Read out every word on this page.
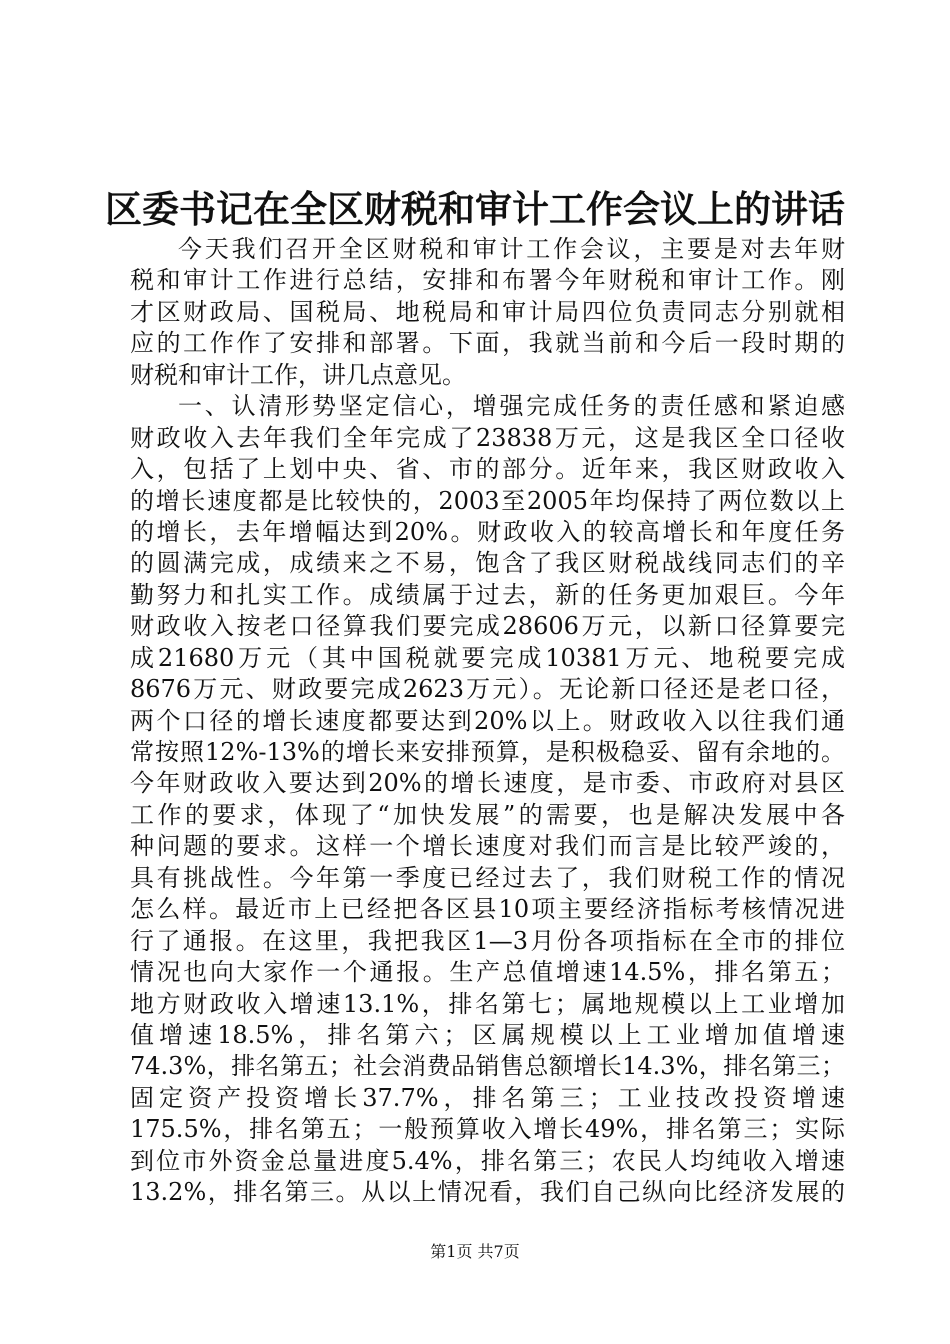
区委书记在全区财税和审计工作会议上的讲话
今天我们召开全区财税和审计工作会议，主要是对去年财
税和审计工作进行总结，安排和布署今年财税和审计工作。刚
才区财政局、国税局、地税局和审计局四位负责同志分别就相
应的工作作了安排和部署。下面，我就当前和今后一段时期的
财税和审计工作，讲几点意见。
一、认清形势坚定信心，增强完成任务的责任感和紧迫感
财政收入去年我们全年完成了23838万元，这是我区全口径收
入，包括了上划中央、省、市的部分。近年来，我区财政收入
的增长速度都是比较快的，2003至2005年均保持了两位数以上
的增长，去年增幅达到20%。财政收入的较高增长和年度任务
的圆满完成，成绩来之不易，饱含了我区财税战线同志们的辛
勤努力和扎实工作。成绩属于过去，新的任务更加艰巨。今年
财政收入按老口径算我们要完成28606万元，以新口径算要完
成21680万元（其中国税就要完成10381万元、地税要完成
8676万元、财政要完成2623万元）。无论新口径还是老口径，
两个口径的增长速度都要达到20%以上。财政收入以往我们通
常按照12%-13%的增长来安排预算，是积极稳妥、留有余地的。
今年财政收入要达到20%的增长速度，是市委、市政府对县区
工作的要求，体现了“加快发展”的需要，也是解决发展中各
种问题的要求。这样一个增长速度对我们而言是比较严竣的，
具有挑战性。今年第一季度已经过去了，我们财税工作的情况
怎么样。最近市上已经把各区县10项主要经济指标考核情况进
行了通报。在这里，我把我区1—3月份各项指标在全市的排位
情况也向大家作一个通报。生产总值增速14.5%，排名第五；
地方财政收入增速13.1%，排名第七；属地规模以上工业增加
值增速18.5%，排名第六；区属规模以上工业增加值增速
74.3%，排名第五；社会消费品销售总额增长14.3%，排名第三；
固定资产投资增长37.7%，排名第三；工业技改投资增速
175.5%，排名第五；一般预算收入增长49%，排名第三；实际
到位市外资金总量进度5.4%，排名第三；农民人均纯收入增速
13.2%，排名第三。从以上情况看，我们自己纵向比经济发展的
第1页 共7页
